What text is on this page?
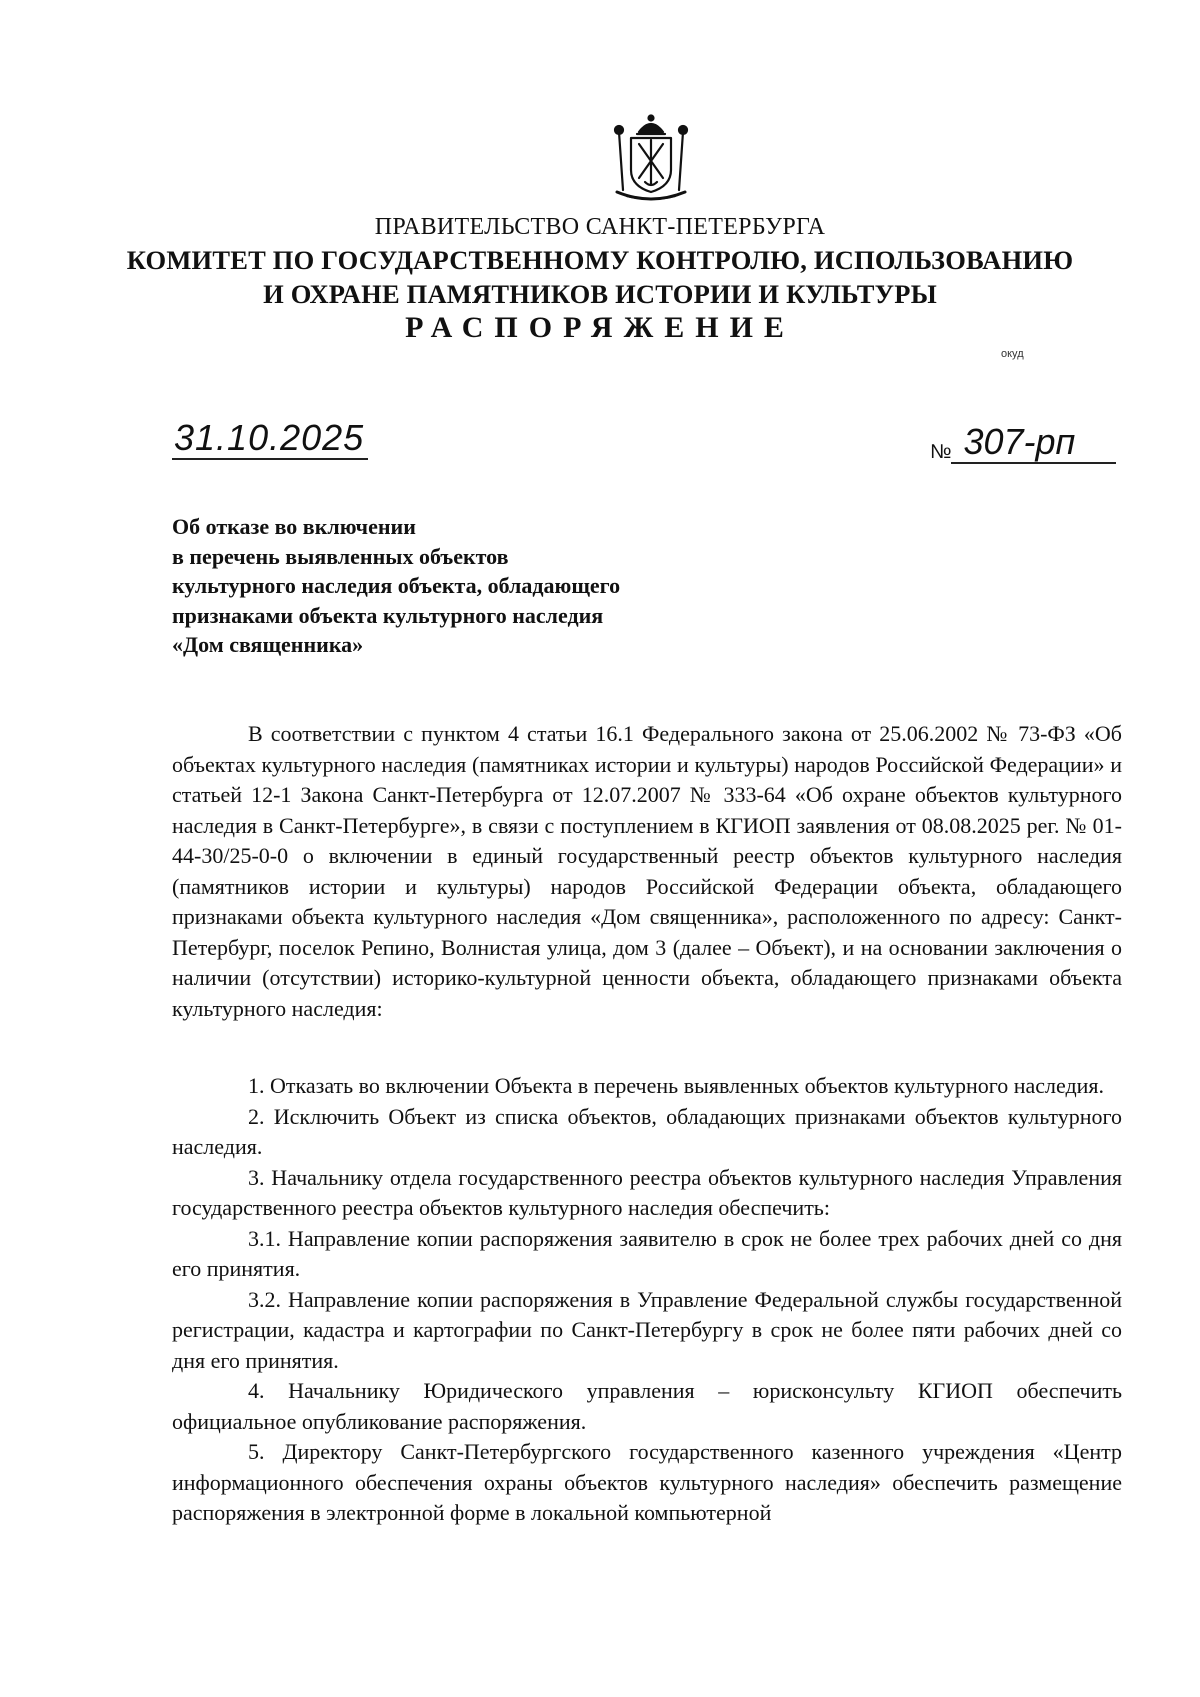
ПРАВИТЕЛЬСТВО САНКТ-ПЕТЕРБУРГА
КОМИТЕТ ПО ГОСУДАРСТВЕННОМУ КОНТРОЛЮ, ИСПОЛЬЗОВАНИЮ
И ОХРАНЕ ПАМЯТНИКОВ ИСТОРИИ И КУЛЬТУРЫ
РАСПОРЯЖЕНИЕ
окуд
31.10.2025	№ 307-рп
Об отказе во включении
в перечень выявленных объектов
культурного наследия объекта, обладающего
признаками объекта культурного наследия
«Дом священника»

В соответствии с пунктом 4 статьи 16.1 Федерального закона от 25.06.2002 № 73-ФЗ «Об объектах культурного наследия (памятниках истории и культуры) народов Российской Федерации» и статьей 12-1 Закона Санкт-Петербурга от 12.07.2007 № 333-64 «Об охране объектов культурного наследия в Санкт-Петербурге», в связи с поступлением в КГИОП заявления от 08.08.2025 рег. № 01-44-30/25-0-0 о включении в единый государственный реестр объектов культурного наследия (памятников истории и культуры) народов Российской Федерации объекта, обладающего признаками объекта культурного наследия «Дом священника», расположенного по адресу: Санкт-Петербург, поселок Репино, Волнистая улица, дом 3 (далее – Объект), и на основании заключения о наличии (отсутствии) историко-культурной ценности объекта, обладающего признаками объекта культурного наследия:

1. Отказать во включении Объекта в перечень выявленных объектов культурного наследия.

2. Исключить Объект из списка объектов, обладающих признаками объектов культурного наследия.

3. Начальнику отдела государственного реестра объектов культурного наследия Управления государственного реестра объектов культурного наследия обеспечить:

3.1. Направление копии распоряжения заявителю в срок не более трех рабочих дней со дня его принятия.

3.2. Направление копии распоряжения в Управление Федеральной службы государственной регистрации, кадастра и картографии по Санкт-Петербургу в срок не более пяти рабочих дней со дня его принятия.

4. Начальнику Юридического управления – юрисконсульту КГИОП обеспечить официальное опубликование распоряжения.

5. Директору Санкт-Петербургского государственного казенного учреждения «Центр информационного обеспечения охраны объектов культурного наследия» обеспечить размещение распоряжения в электронной форме в локальной компьютерной
